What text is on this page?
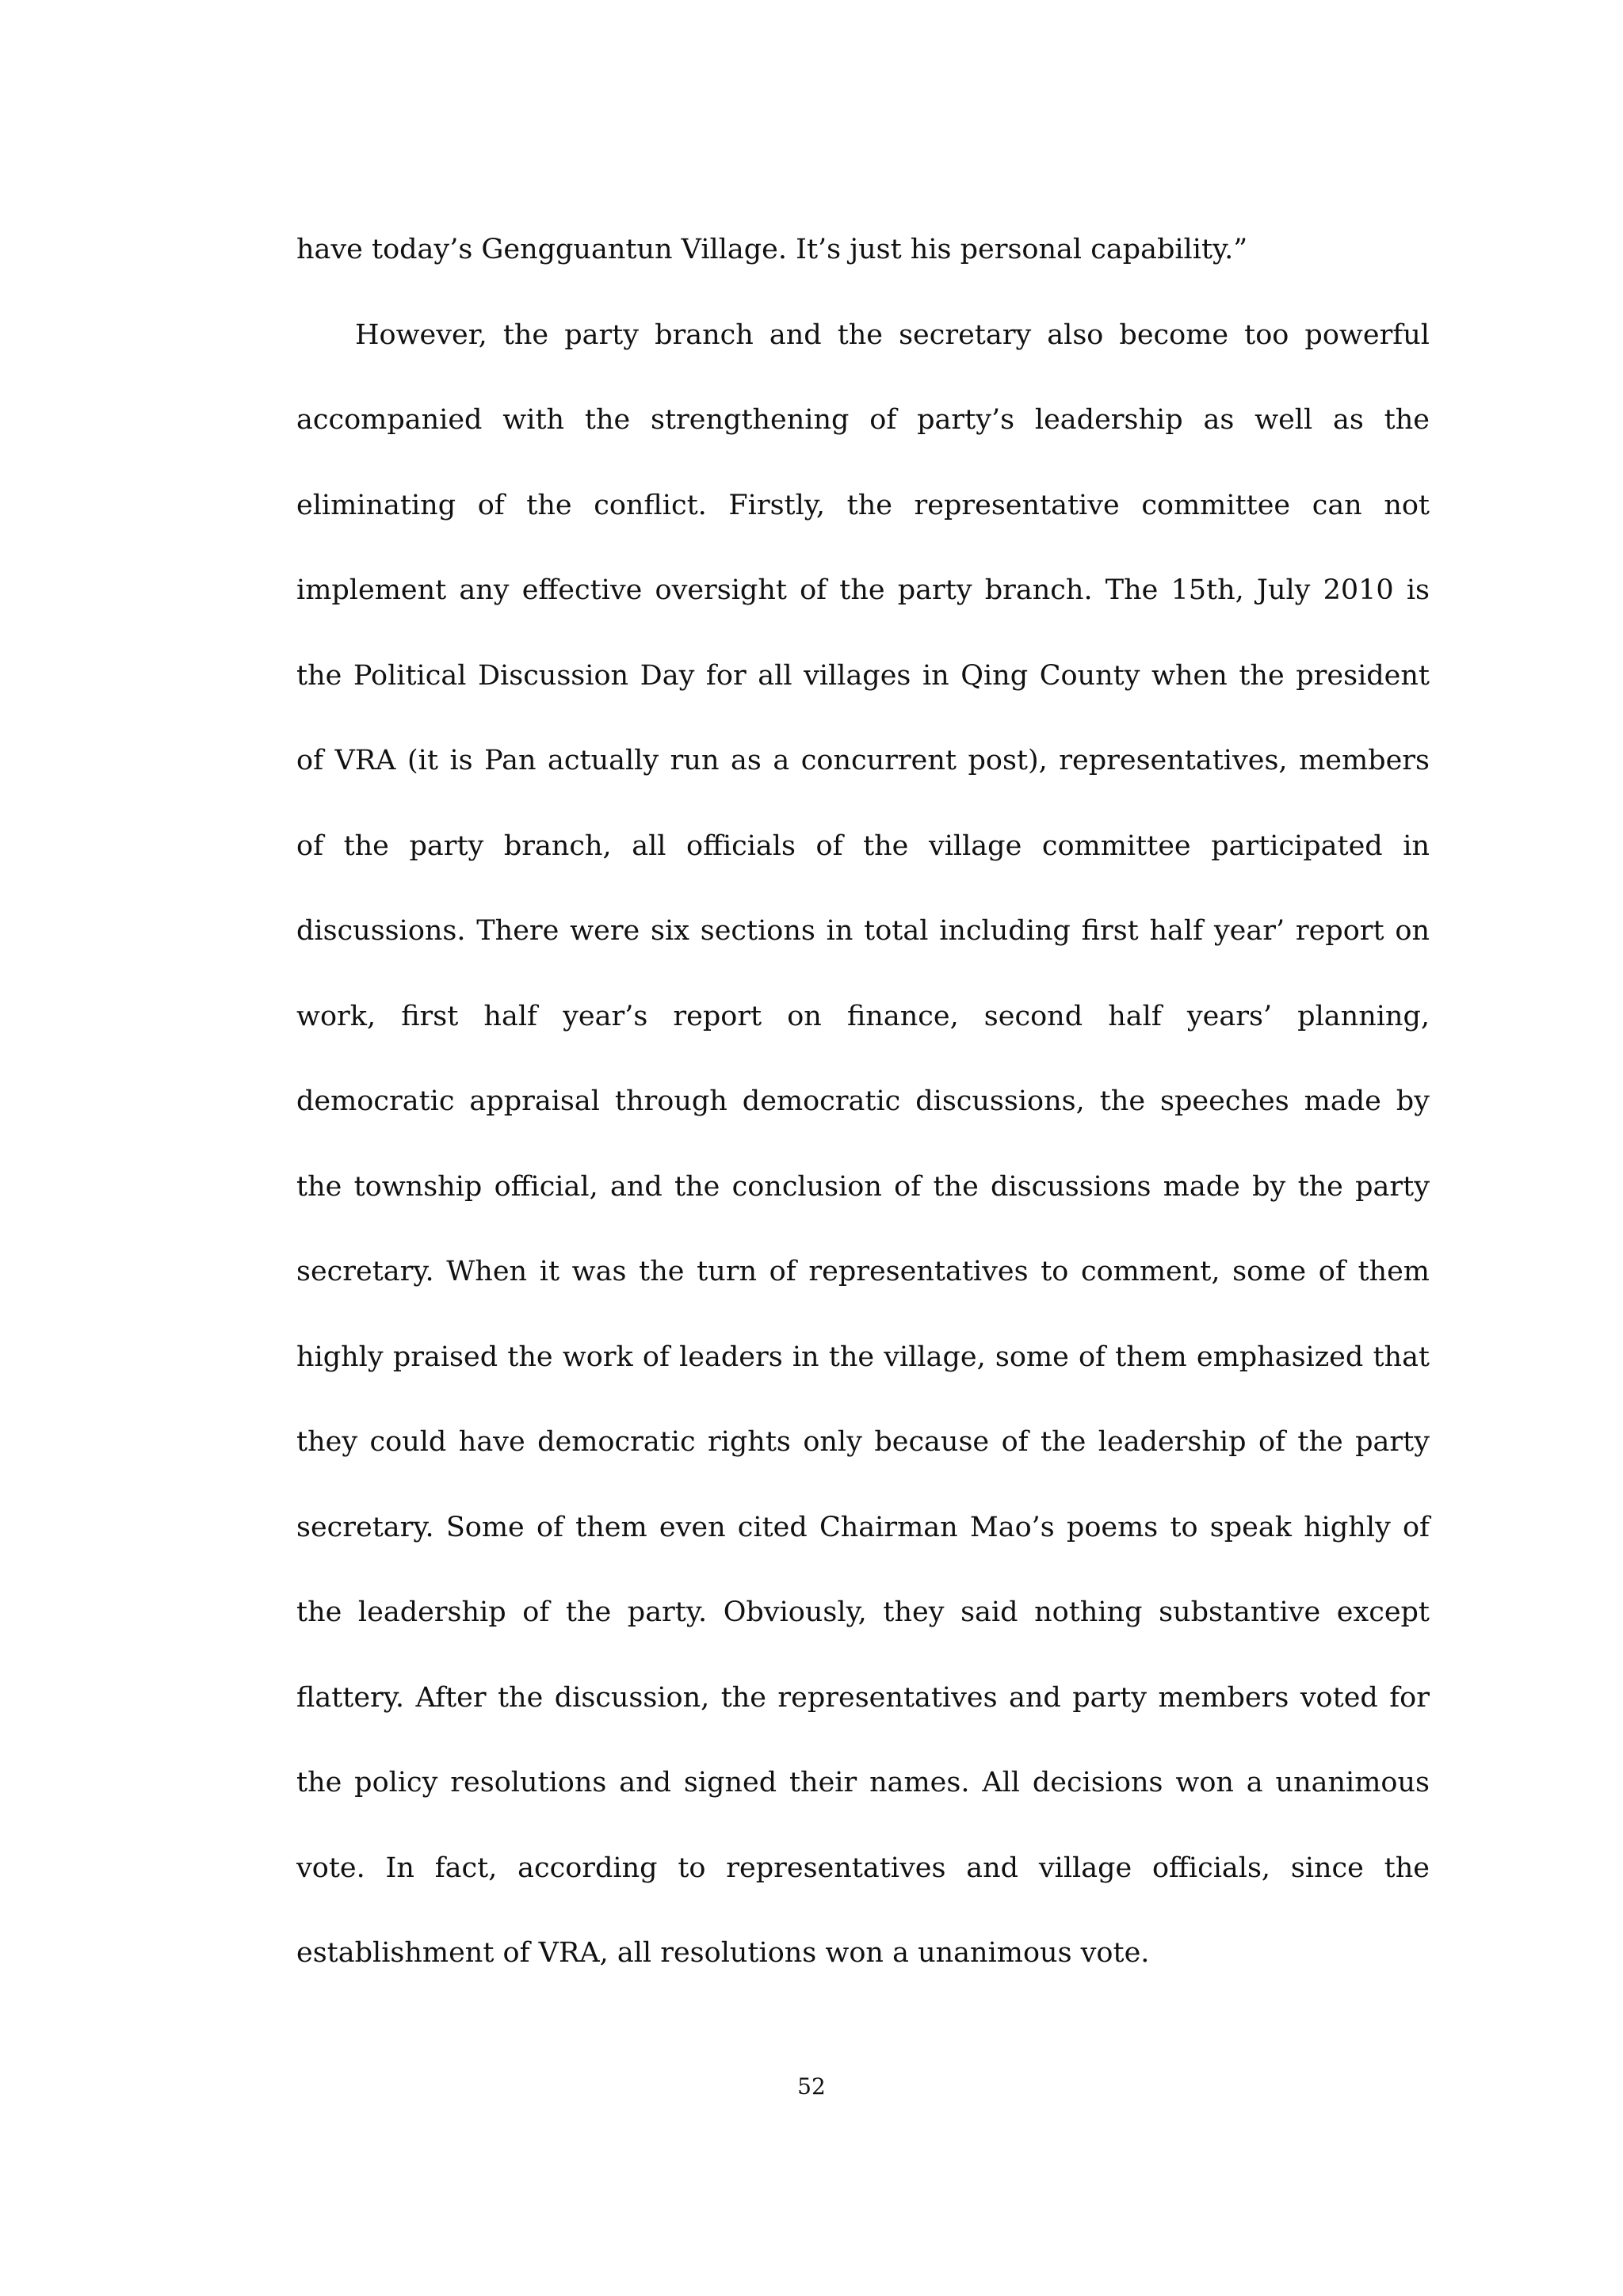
have today’s Gengguantun Village. It’s just his personal capability.”

However, the party branch and the secretary also become too powerful accompanied with the strengthening of party’s leadership as well as the eliminating of the conflict. Firstly, the representative committee can not implement any effective oversight of the party branch. The 15th, July 2010 is the Political Discussion Day for all villages in Qing County when the president of VRA (it is Pan actually run as a concurrent post), representatives, members of the party branch, all officials of the village committee participated in discussions. There were six sections in total including first half year’ report on work, first half year’s report on finance, second half years’ planning, democratic appraisal through democratic discussions, the speeches made by the township official, and the conclusion of the discussions made by the party secretary. When it was the turn of representatives to comment, some of them highly praised the work of leaders in the village, some of them emphasized that they could have democratic rights only because of the leadership of the party secretary. Some of them even cited Chairman Mao’s poems to speak highly of the leadership of the party. Obviously, they said nothing substantive except flattery. After the discussion, the representatives and party members voted for the policy resolutions and signed their names. All decisions won a unanimous vote. In fact, according to representatives and village officials, since the establishment of VRA, all resolutions won a unanimous vote.

52
